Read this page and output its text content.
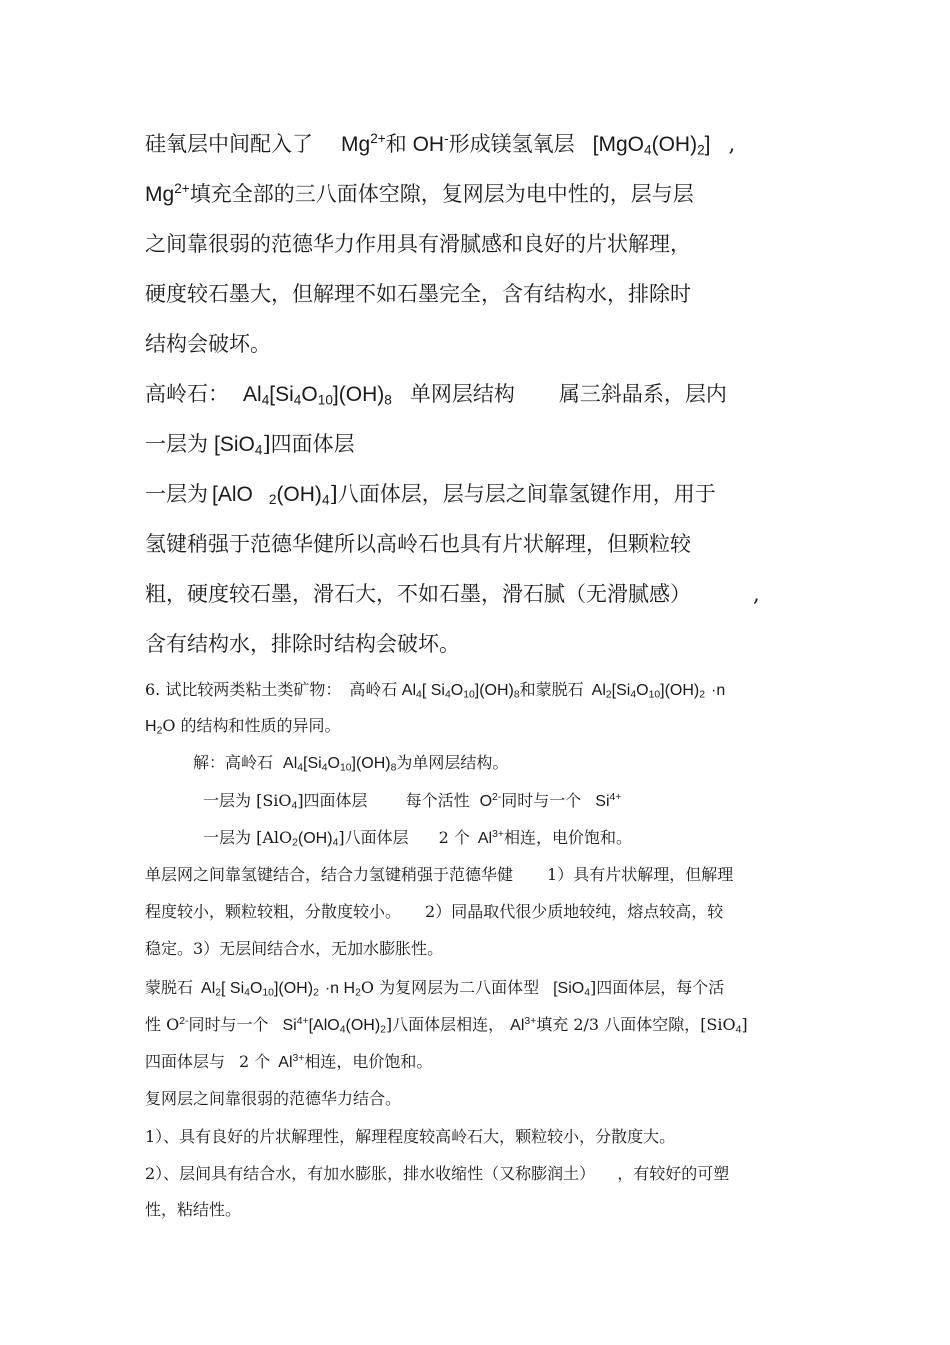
硅氧层中间配入了 $Mg^{2+}$和 OH-形成镁氢氧层 $[MgO_4(OH)_2]$ ,
$Mg^{2+}$填充全部的三八面体空隙，复网层为电中性的，层与层
之间靠很弱的范德华力作用具有滑腻感和良好的片状解理，
硬度较石墨大，但解理不如石墨完全，含有结构水，排除时
结构会破坏。
高岭石： $Al_4[Si_4O_{10}](OH)_8$ 单网层结构 属三斜晶系，层内
一层为 [SiO$_4$]四面体层
一层为 [AlO $_2(OH)_4$]八面体层，层与层之间靠氢键作用，用于
氢键稍强于范德华健所以高岭石也具有片状解理，但颗粒较
粗，硬度较石墨，滑石大，不如石墨，滑石腻（无滑腻感）	,
含有结构水，排除时结构会破坏。
6. 试比较两类粘土类矿物： 高岭石 $Al_4$[ $Si_4O_{10}](OH)_8$和蒙脱石 $Al_2[Si_4O_{10}](OH)_2 \cdot n$
$H_2O$ 的结构和性质的异同。
解：高岭石 $Al_4[Si_4O_{10}](OH)_8$为单网层结构。
一层为 [SiO$_4$]四面体层 每个活性 $O^{2-}$同时与一个 $Si^{4+}$
一层为 $[AlO_2(OH)_4]$八面体层 2 个 $Al^{3+}$相连，电价饱和。
单层网之间靠氢键结合，结合力氢键稍强于范德华健 1）具有片状解理，但解理
程度较小，颗粒较粗，分散度较小。 2）同晶取代很少质地较纯，熔点较高，较
稳定。3）无层间结合水，无加水膨胀性。
蒙脱石 $Al_2$[ $Si_4O_{10}](OH)_2 \cdot n$ $H_2O$ 为复网层为二八面体型 [SiO$_4$]四面体层，每个活
性 $O^{2-}$同时与一个 $Si^{4+}[AlO_4(OH)_2]$八面体层相连， $Al^{3+}$填充 2/3 八面体空隙，[SiO$_4$]
四面体层与 2 个 $Al^{3+}$相连，电价饱和。
复网层之间靠很弱的范德华力结合。
1）、具有良好的片状解理性，解理程度较高岭石大，颗粒较小，分散度大。
2）、层间具有结合水，有加水膨胀，排水收缩性（又称膨润土） ，有较好的可塑
性，粘结性。
